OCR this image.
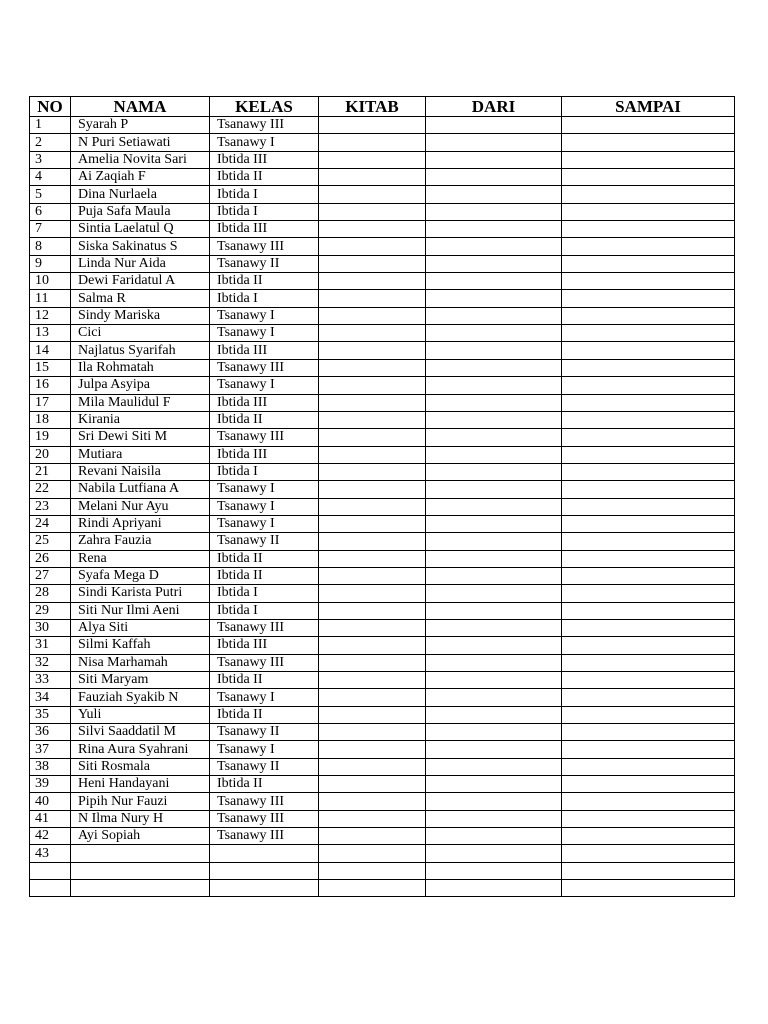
NO	NAMA	KELAS	KITAB	DARI	SAMPAI
1	Syarah P	Tsanawy III			
2	N Puri Setiawati	Tsanawy I			
3	Amelia Novita Sari	Ibtida III			
4	Ai Zaqiah F	Ibtida II			
5	Dina Nurlaela	Ibtida I			
6	Puja Safa Maula	Ibtida I			
7	Sintia Laelatul Q	Ibtida III			
8	Siska Sakinatus S	Tsanawy III			
9	Linda Nur Aida	Tsanawy II			
10	Dewi Faridatul A	Ibtida II			
11	Salma R	Ibtida I			
12	Sindy Mariska	Tsanawy I			
13	Cici	Tsanawy I			
14	Najlatus Syarifah	Ibtida III			
15	Ila Rohmatah	Tsanawy III			
16	Julpa Asyipa	Tsanawy I			
17	Mila Maulidul F	Ibtida III			
18	Kirania	Ibtida II			
19	Sri Dewi Siti M	Tsanawy III			
20	Mutiara	Ibtida III			
21	Revani Naisila	Ibtida I			
22	Nabila Lutfiana A	Tsanawy I			
23	Melani Nur Ayu	Tsanawy I			
24	Rindi Apriyani	Tsanawy I			
25	Zahra Fauzia	Tsanawy II			
26	Rena	Ibtida II			
27	Syafa Mega D	Ibtida II			
28	Sindi Karista Putri	Ibtida I			
29	Siti Nur Ilmi Aeni	Ibtida I			
30	Alya Siti	Tsanawy III			
31	Silmi Kaffah	Ibtida III			
32	Nisa Marhamah	Tsanawy III			
33	Siti Maryam	Ibtida II			
34	Fauziah Syakib N	Tsanawy I			
35	Yuli	Ibtida II			
36	Silvi Saaddatil M	Tsanawy II			
37	Rina Aura Syahrani	Tsanawy I			
38	Siti Rosmala	Tsanawy II			
39	Heni Handayani	Ibtida II			
40	Pipih Nur Fauzi	Tsanawy III			
41	N Ilma Nury H	Tsanawy III			
42	Ayi Sopiah	Tsanawy III			
43					
